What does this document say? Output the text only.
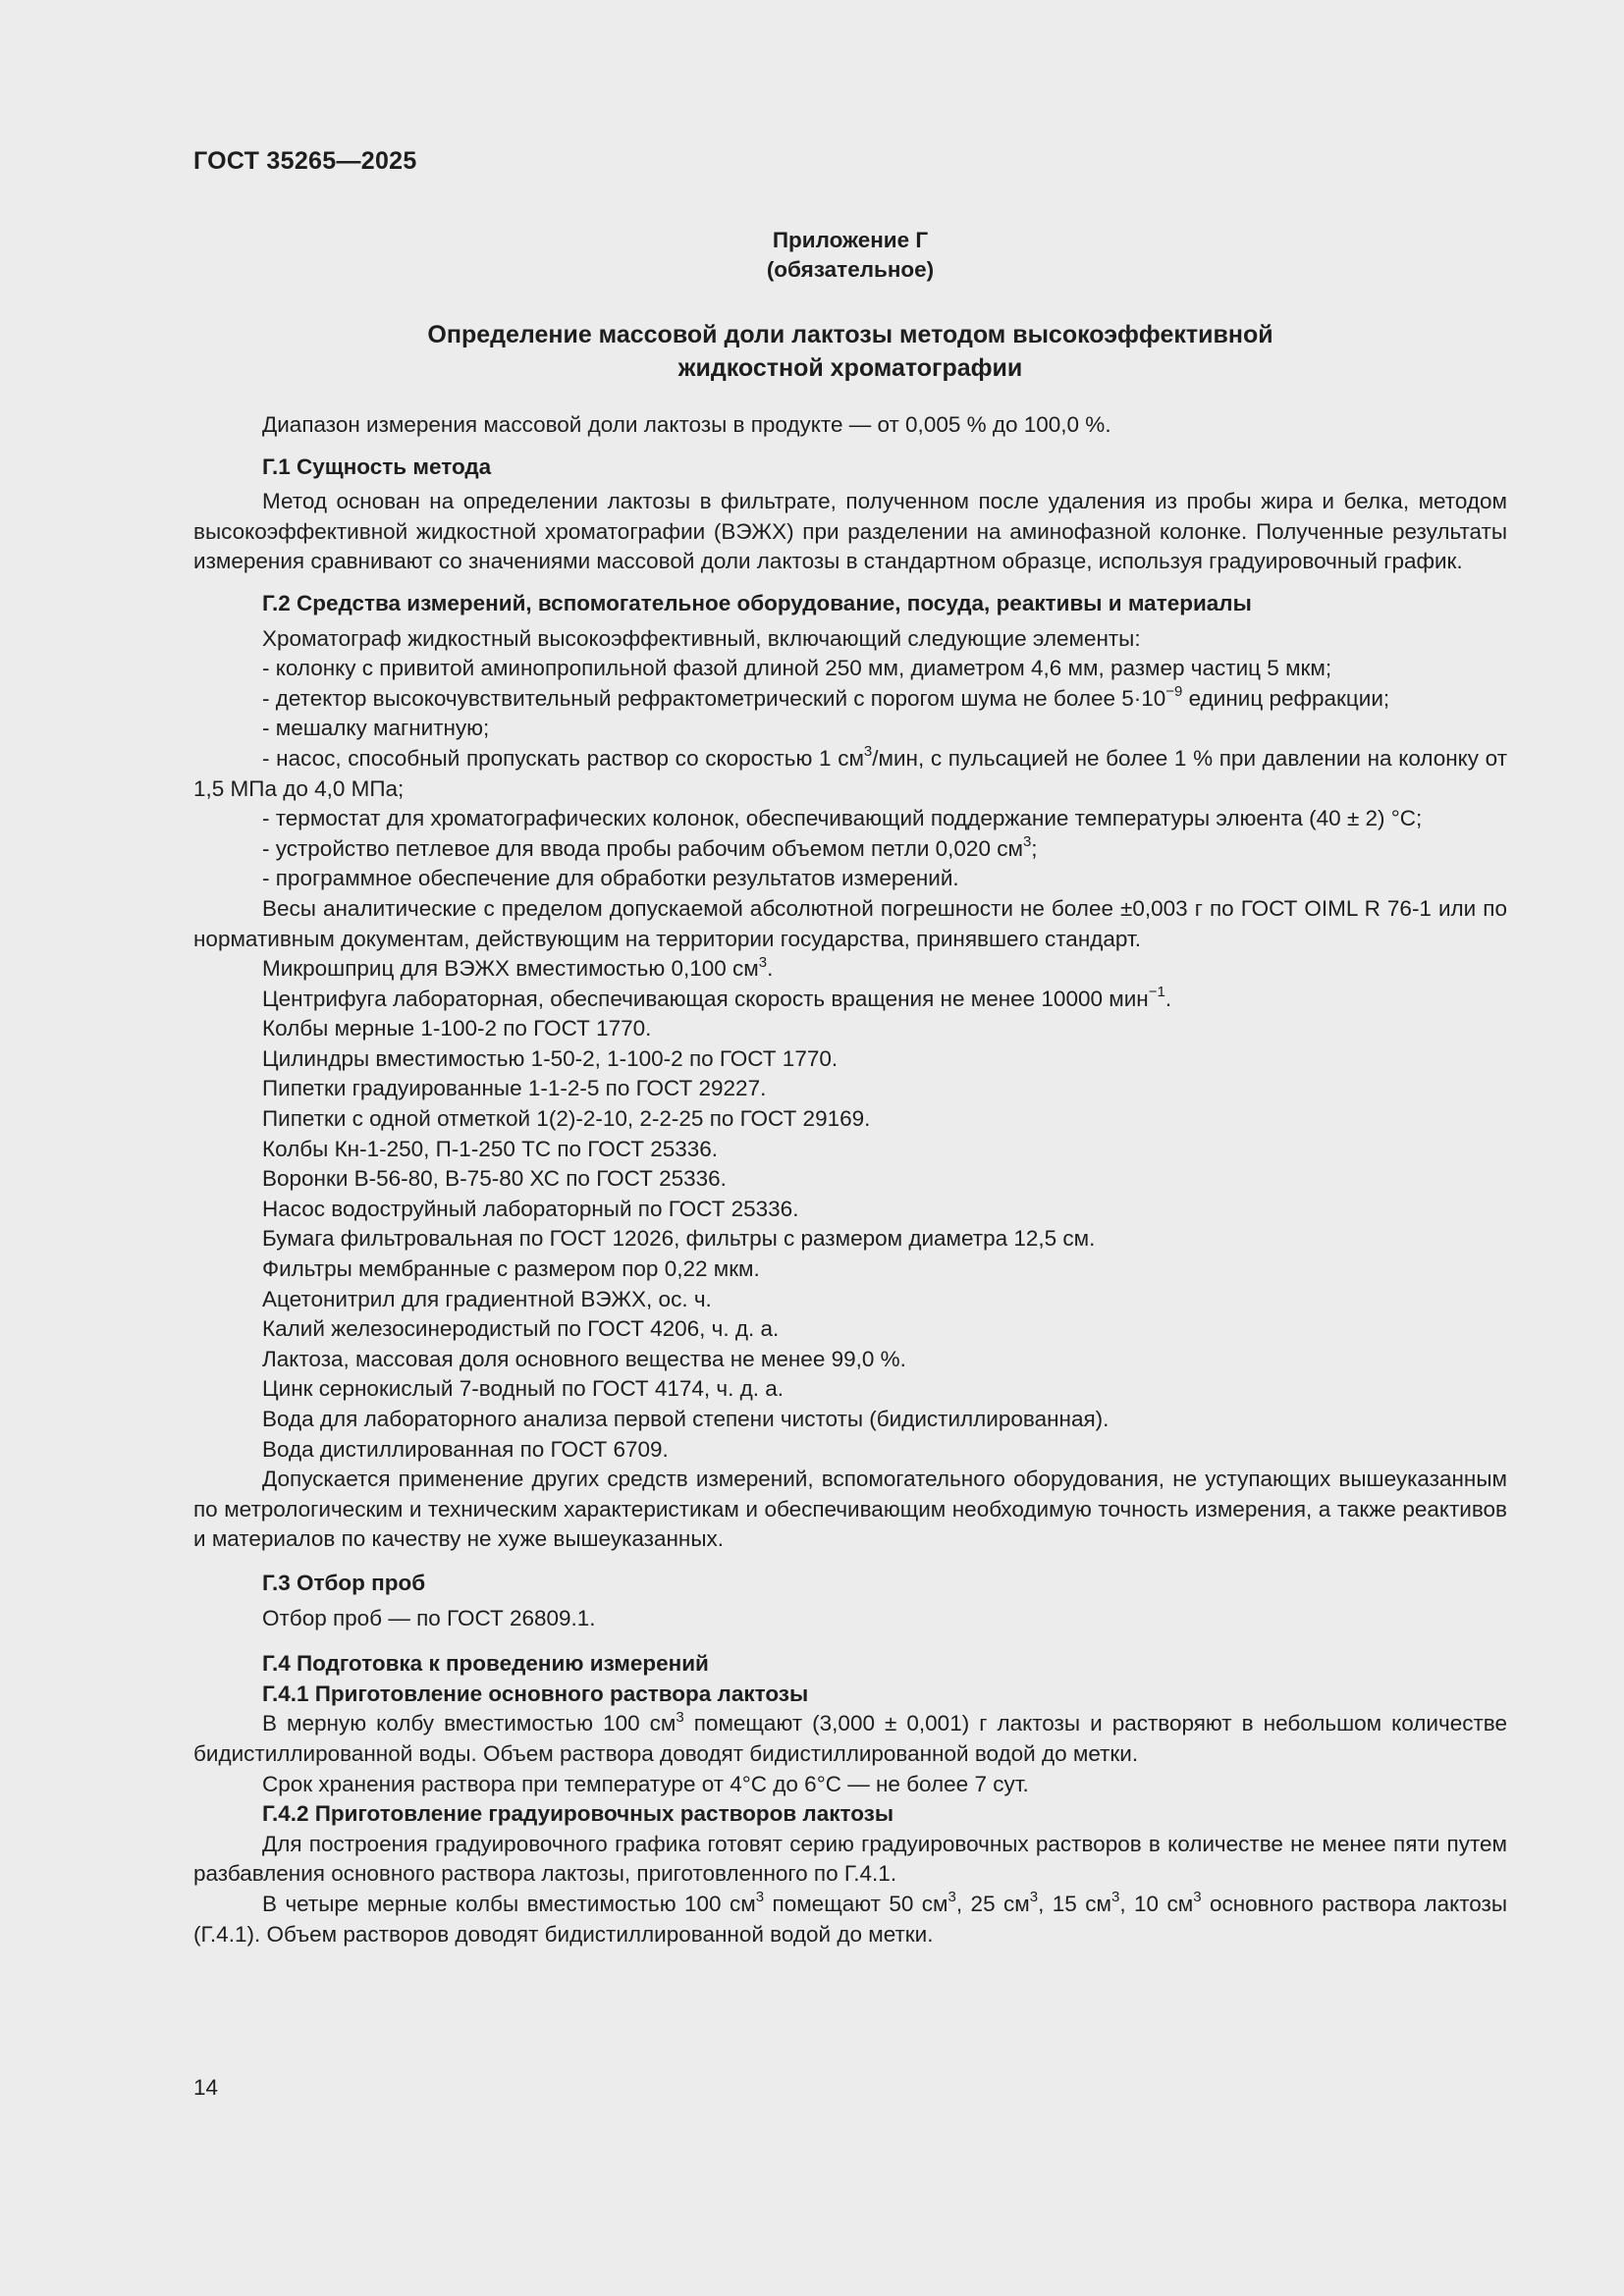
ГОСТ 35265—2025
Приложение Г
(обязательное)
Определение массовой доли лактозы методом высокоэффективной
жидкостной хроматографии

Диапазон измерения массовой доли лактозы в продукте — от 0,005 % до 100,0 %.

Г.1 Сущность метода

Метод основан на определении лактозы в фильтрате, полученном после удаления из пробы жира и белка, методом высокоэффективной жидкостной хроматографии (ВЭЖХ) при разделении на аминофазной колонке. Полученные результаты измерения сравнивают со значениями массовой доли лактозы в стандартном образце, используя градуировочный график.

Г.2 Средства измерений, вспомогательное оборудование, посуда, реактивы и материалы

Хроматограф жидкостный высокоэффективный, включающий следующие элементы:

- колонку с привитой аминопропильной фазой длиной 250 мм, диаметром 4,6 мм, размер частиц 5 мкм;

- детектор высокочувствительный рефрактометрический с порогом шума не более $5\cdot 10^{-9}$ единиц рефракции;

- мешалку магнитную;

- насос, способный пропускать раствор со скоростью 1 $см^3$/мин, с пульсацией не более 1 % при давлении на колонку от 1,5 МПа до 4,0 МПа;

- термостат для хроматографических колонок, обеспечивающий поддержание температуры элюента (40 ± 2) °С;

- устройство петлевое для ввода пробы рабочим объемом петли 0,020 $см^3$;

- программное обеспечение для обработки результатов измерений.

Весы аналитические с пределом допускаемой абсолютной погрешности не более ±0,003 г по ГОСТ OIML R 76-1 или по нормативным документам, действующим на территории государства, принявшего стандарт.

Микрошприц для ВЭЖХ вместимостью 0,100 $см^3$.

Центрифуга лабораторная, обеспечивающая скорость вращения не менее 10000 мин$^{-1}$.

Колбы мерные 1-100-2 по ГОСТ 1770.

Цилиндры вместимостью 1-50-2, 1-100-2 по ГОСТ 1770.

Пипетки градуированные 1-1-2-5 по ГОСТ 29227.

Пипетки с одной отметкой 1(2)-2-10, 2-2-25 по ГОСТ 29169.

Колбы Кн-1-250, П-1-250 ТС по ГОСТ 25336.

Воронки В-56-80, В-75-80 ХС по ГОСТ 25336.

Насос водоструйный лабораторный по ГОСТ 25336.

Бумага фильтровальная по ГОСТ 12026, фильтры с размером диаметра 12,5 см.

Фильтры мембранные с размером пор 0,22 мкм.

Ацетонитрил для градиентной ВЭЖХ, ос. ч.

Калий железосинеродистый по ГОСТ 4206, ч. д. а.

Лактоза, массовая доля основного вещества не менее 99,0 %.

Цинк сернокислый 7-водный по ГОСТ 4174, ч. д. а.

Вода для лабораторного анализа первой степени чистоты (бидистиллированная).

Вода дистиллированная по ГОСТ 6709.

Допускается применение других средств измерений, вспомогательного оборудования, не уступающих вышеуказанным по метрологическим и техническим характеристикам и обеспечивающим необходимую точность измерения, а также реактивов и материалов по качеству не хуже вышеуказанных.

Г.3 Отбор проб

Отбор проб — по ГОСТ 26809.1.

Г.4 Подготовка к проведению измерений
Г.4.1 Приготовление основного раствора лактозы

В мерную колбу вместимостью 100 $см^3$ помещают (3,000 ± 0,001) г лактозы и растворяют в небольшом количестве бидистиллированной воды. Объем раствора доводят бидистиллированной водой до метки.

Срок хранения раствора при температуре от 4°С до 6°С — не более 7 сут.

Г.4.2 Приготовление градуировочных растворов лактозы

Для построения градуировочного графика готовят серию градуировочных растворов в количестве не менее пяти путем разбавления основного раствора лактозы, приготовленного по Г.4.1.

В четыре мерные колбы вместимостью 100 $см^3$ помещают 50 $см^3$, 25 $см^3$, 15 $см^3$, 10 $см^3$ основного раствора лактозы (Г.4.1). Объем растворов доводят бидистиллированной водой до метки.

14
